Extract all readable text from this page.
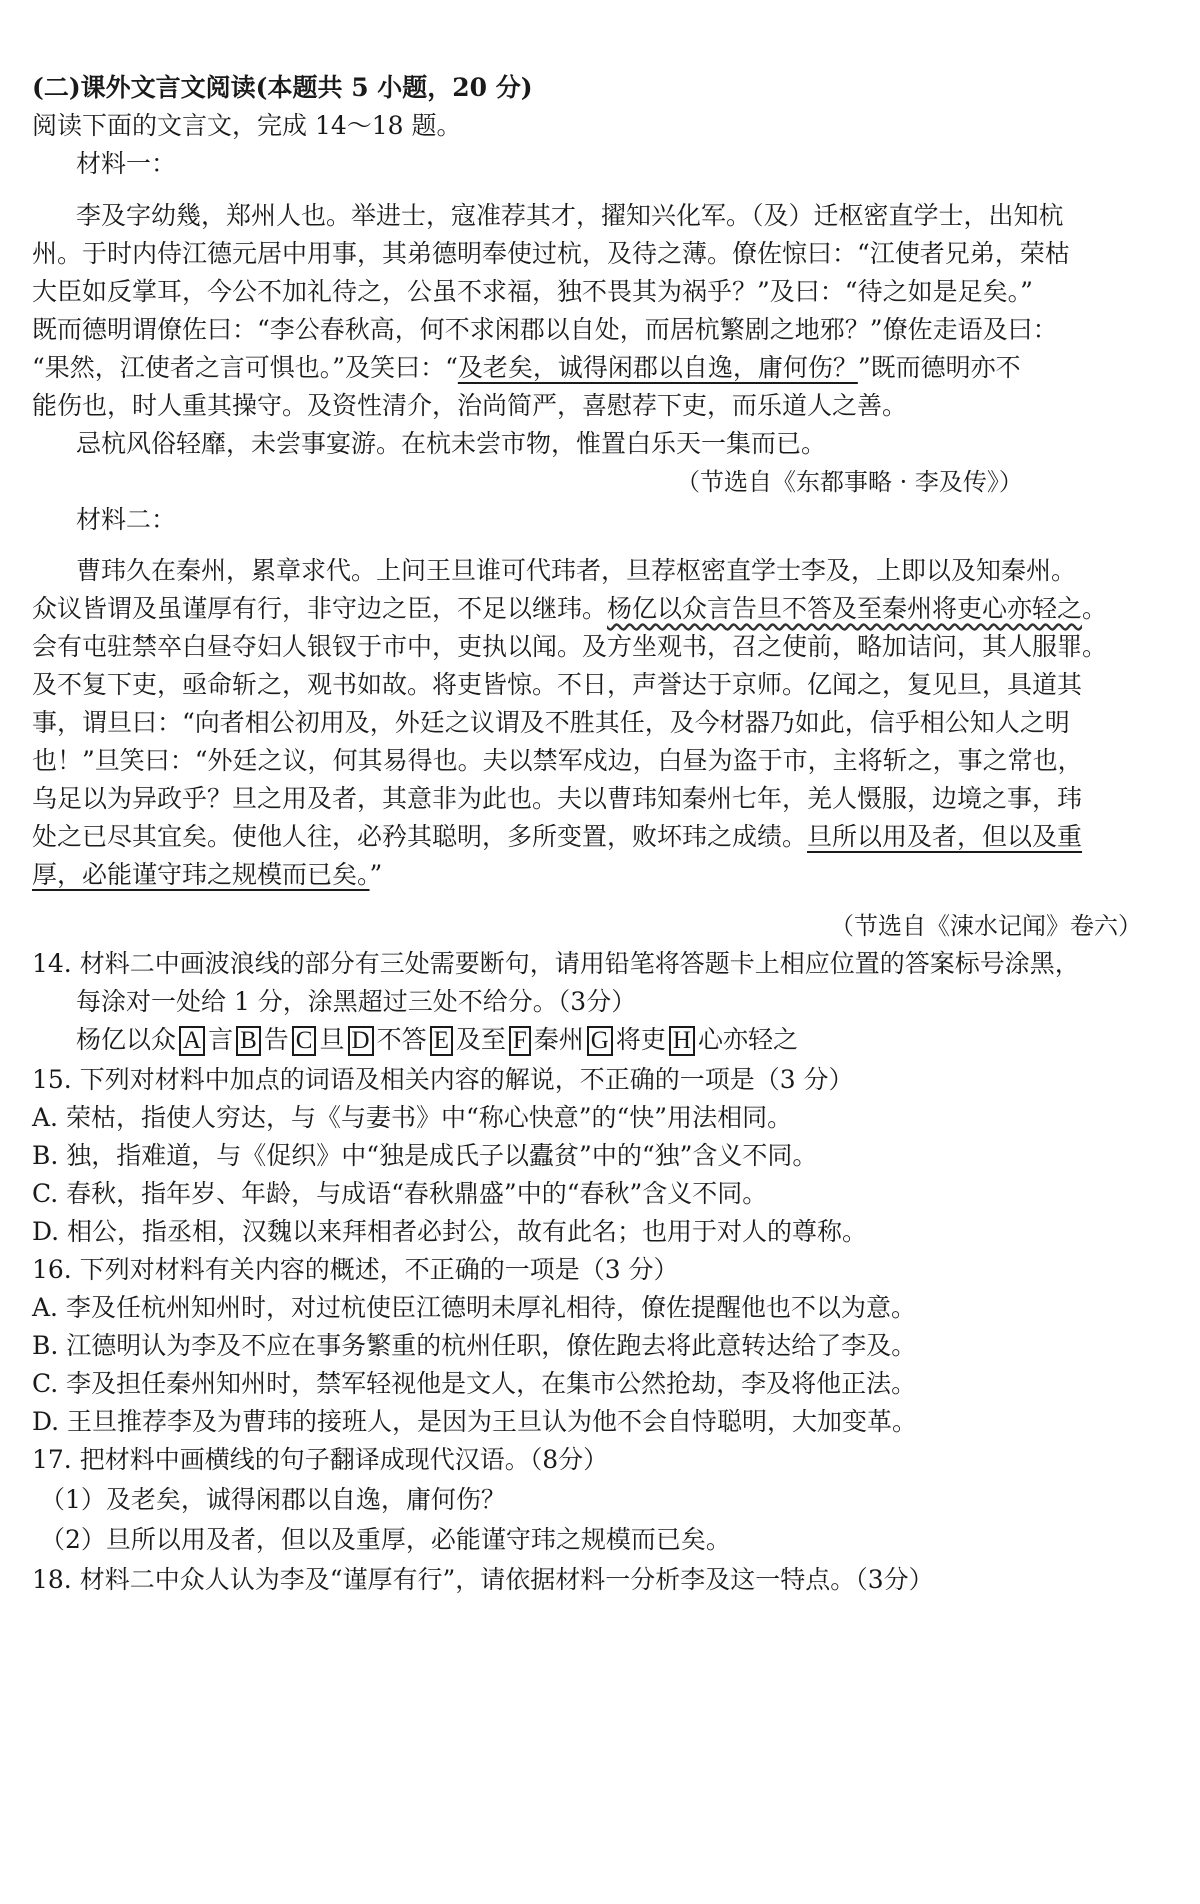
(二)课外文言文阅读(本题共 5 小题，20 分)
阅读下面的文言文，完成 14～18 题。
材料一：
李及字幼幾，郑州人也。举进士，寇准荐其才，擢知兴化军。（及）迁枢密直学士，出知杭
州。于时内侍江德元居中用事，其弟德明奉使过杭，及待之薄。僚佐惊曰：“江使者兄弟，荣枯
大臣如反掌耳，今公不加礼待之，公虽不求福，独不畏其为祸乎？”及曰：“待之如是足矣。”
既而德明谓僚佐曰：“李公春秋高，何不求闲郡以自处，而居杭繁剧之地邪？”僚佐走语及曰：
“果然，江使者之言可惧也。”及笑曰：“及老矣，诚得闲郡以自逸，庸何伤？”既而德明亦不
能伤也，时人重其操守。及资性清介，治尚简严，喜慰荐下吏，而乐道人之善。
忌杭风俗轻靡，未尝事宴游。在杭未尝市物，惟置白乐天一集而已。
（节选自《东都事略 · 李及传》）
材料二：
曹玮久在秦州，累章求代。上问王旦谁可代玮者，旦荐枢密直学士李及，上即以及知秦州。
众议皆谓及虽谨厚有行，非守边之臣，不足以继玮。杨亿以众言告旦不答及至秦州将吏心亦轻之。
会有屯驻禁卒白昼夺妇人银钗于市中，吏执以闻。及方坐观书，召之使前，略加诘问，其人服罪。
及不复下吏，亟命斩之，观书如故。将吏皆惊。不日，声誉达于京师。亿闻之，复见旦，具道其
事，谓旦曰：“向者相公初用及，外廷之议谓及不胜其任，及今材器乃如此，信乎相公知人之明
也！”旦笑曰：“外廷之议，何其易得也。夫以禁军戍边，白昼为盗于市，主将斩之，事之常也，
乌足以为异政乎？旦之用及者，其意非为此也。夫以曹玮知秦州七年，羌人慑服，边境之事，玮
处之已尽其宜矣。使他人往，必矜其聪明，多所变置，败坏玮之成绩。旦所以用及者，但以及重
厚，必能谨守玮之规模而已矣。”
（节选自《涑水记闻》卷六）
14. 材料二中画波浪线的部分有三处需要断句，请用铅笔将答题卡上相应位置的答案标号涂黑，
每涂对一处给 1 分，涂黑超过三处不给分。（3分）
杨亿以众 A 言 B 告 C 旦 D 不答 E 及至 F 秦州 G 将吏 H 心亦轻之
15. 下列对材料中加点的词语及相关内容的解说，不正确的一项是（3 分）
A. 荣枯，指使人穷达，与《与妻书》中“称心快意”的“快”用法相同。
B. 独，指难道，与《促织》中“独是成氏子以蠹贫”中的“独”含义不同。
C. 春秋，指年岁、年龄，与成语“春秋鼎盛”中的“春秋”含义不同。
D. 相公，指丞相，汉魏以来拜相者必封公，故有此名；也用于对人的尊称。
16. 下列对材料有关内容的概述，不正确的一项是（3 分）
A. 李及任杭州知州时，对过杭使臣江德明未厚礼相待，僚佐提醒他也不以为意。
B. 江德明认为李及不应在事务繁重的杭州任职，僚佐跑去将此意转达给了李及。
C. 李及担任秦州知州时，禁军轻视他是文人，在集市公然抢劫，李及将他正法。
D. 王旦推荐李及为曹玮的接班人，是因为王旦认为他不会自恃聪明，大加变革。
17. 把材料中画横线的句子翻译成现代汉语。（8分）
（1）及老矣，诚得闲郡以自逸，庸何伤？
（2）旦所以用及者，但以及重厚，必能谨守玮之规模而已矣。
18. 材料二中众人认为李及“谨厚有行”，请依据材料一分析李及这一特点。（3分）
